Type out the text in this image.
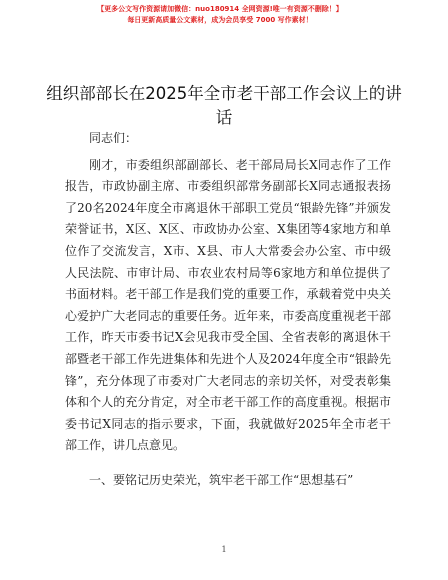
【更多公文写作资源请加微信：nuo180914 全网资源!唯一有资源不删除！】
每日更新高质量公文素材，成为会员享受 7000 写作素材！
组织部部长在2025年全市老干部工作会议上的讲话

同志们：

刚才，市委组织部副部长、老干部局局长X同志作了工作报告，市政协副主席、市委组织部常务副部长X同志通报表扬了20名2024年度全市离退休干部职工党员“银龄先锋”并颁发荣誉证书，X区、X区、市政协办公室、X集团等4家地方和单位作了交流发言，X市、X县、市人大常委会办公室、市中级人民法院、市审计局、市农业农村局等6家地方和单位提供了书面材料。老干部工作是我们党的重要工作，承载着党中央关心爱护广大老同志的重要任务。近年来，市委高度重视老干部工作，昨天市委书记X会见我市受全国、全省表彰的离退休干部暨老干部工作先进集体和先进个人及2024年度全市“银龄先锋”，充分体现了市委对广大老同志的亲切关怀，对受表彰集体和个人的充分肯定，对全市老干部工作的高度重视。根据市委书记X同志的指示要求，下面，我就做好2025年全市老干部工作，讲几点意见。

一、要铭记历史荣光，筑牢老干部工作“思想基石”

1
